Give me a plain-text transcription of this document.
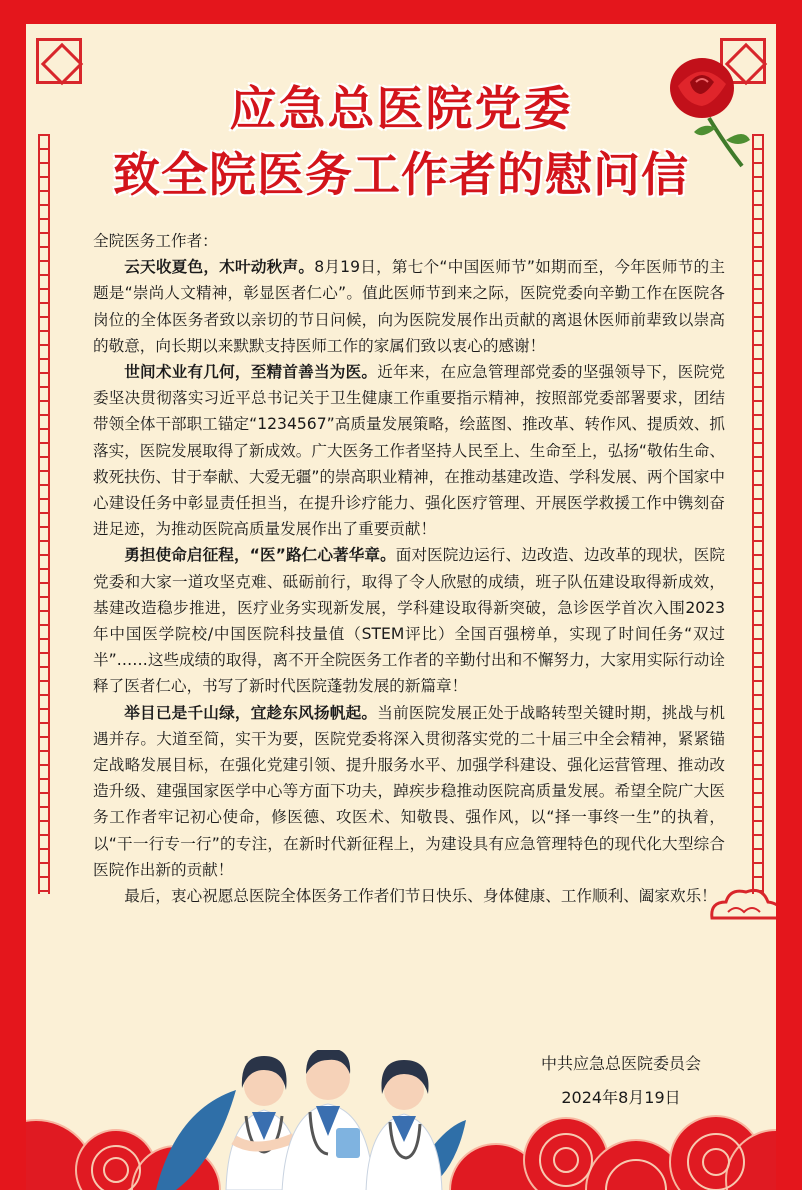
应急总医院党委
致全院医务工作者的慰问信

全院医务工作者：

云天收夏色，木叶动秋声。8月19日，第七个“中国医师节”如期而至，今年医师节的主题是“崇尚人文精神，彰显医者仁心”。值此医师节到来之际，医院党委向辛勤工作在医院各岗位的全体医务者致以亲切的节日问候，向为医院发展作出贡献的离退休医师前辈致以崇高的敬意，向长期以来默默支持医师工作的家属们致以衷心的感谢！

世间术业有几何，至精首善当为医。近年来，在应急管理部党委的坚强领导下，医院党委坚决贯彻落实习近平总书记关于卫生健康工作重要指示精神，按照部党委部署要求，团结带领全体干部职工锚定“1234567”高质量发展策略，绘蓝图、推改革、转作风、提质效、抓落实，医院发展取得了新成效。广大医务工作者坚持人民至上、生命至上，弘扬“敬佑生命、救死扶伤、甘于奉献、大爱无疆”的崇高职业精神，在推动基建改造、学科发展、两个国家中心建设任务中彰显责任担当，在提升诊疗能力、强化医疗管理、开展医学救援工作中镌刻奋进足迹，为推动医院高质量发展作出了重要贡献！

勇担使命启征程，“医”路仁心著华章。面对医院边运行、边改造、边改革的现状，医院党委和大家一道攻坚克难、砥砺前行，取得了令人欣慰的成绩，班子队伍建设取得新成效，基建改造稳步推进，医疗业务实现新发展，学科建设取得新突破，急诊医学首次入围2023年中国医学院校/中国医院科技量值（STEM评比）全国百强榜单，实现了时间任务“双过半”……这些成绩的取得，离不开全院医务工作者的辛勤付出和不懈努力，大家用实际行动诠释了医者仁心，书写了新时代医院蓬勃发展的新篇章！

举目已是千山绿，宜趁东风扬帆起。当前医院发展正处于战略转型关键时期，挑战与机遇并存。大道至简，实干为要，医院党委将深入贯彻落实党的二十届三中全会精神，紧紧锚定战略发展目标，在强化党建引领、提升服务水平、加强学科建设、强化运营管理、推动改造升级、建强国家医学中心等方面下功夫，踔疾步稳推动医院高质量发展。希望全院广大医务工作者牢记初心使命，修医德、攻医术、知敬畏、强作风，以“择一事终一生”的执着，以“干一行专一行”的专注，在新时代新征程上，为建设具有应急管理特色的现代化大型综合医院作出新的贡献！

最后，衷心祝愿总医院全体医务工作者们节日快乐、身体健康、工作顺利、阖家欢乐！

中共应急总医院委员会
2024年8月19日
